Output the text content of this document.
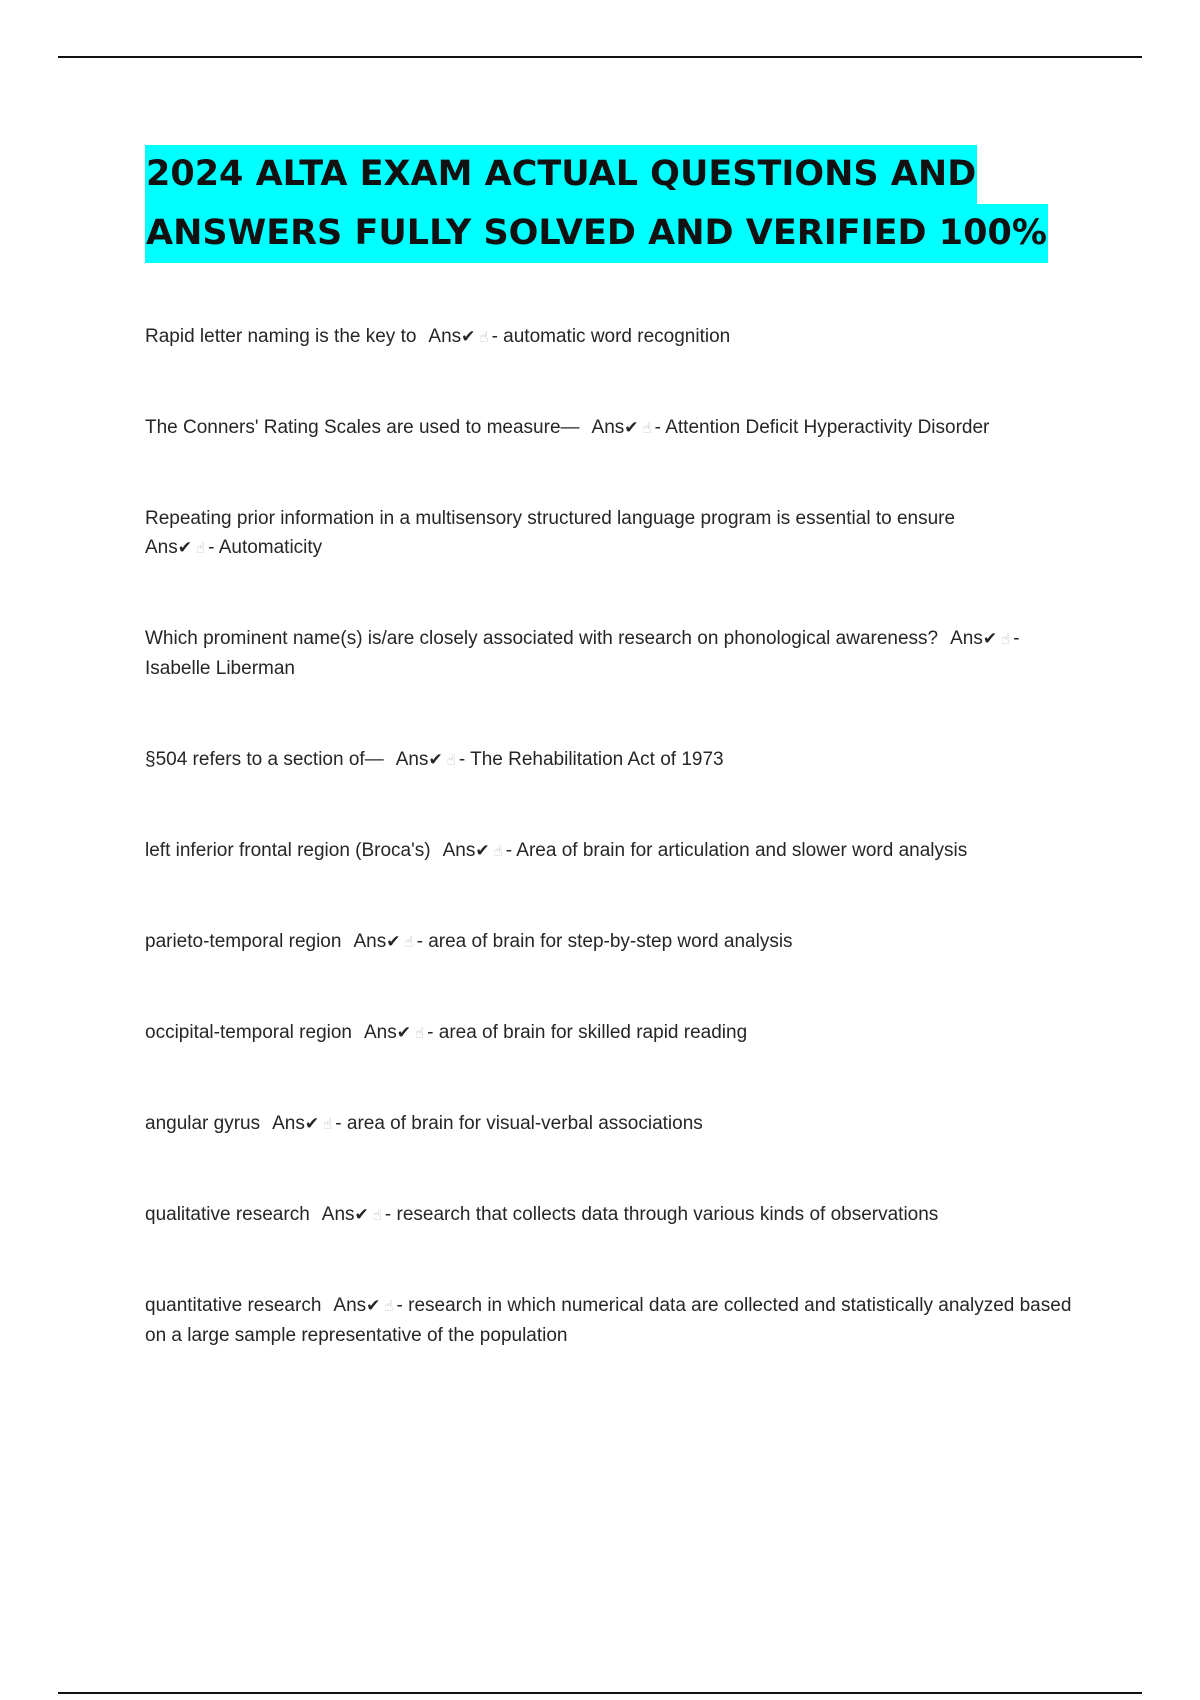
2024 ALTA EXAM ACTUAL QUESTIONS AND
ANSWERS FULLY SOLVED AND VERIFIED 100%

Rapid letter naming is the key to Ans✔ ☝ - automatic word recognition

The Conners' Rating Scales are used to measure— Ans✔ ☝ - Attention Deficit Hyperactivity Disorder

Repeating prior information in a multisensory structured language program is essential to ensure
Ans✔ ☝ - Automaticity

Which prominent name(s) is/are closely associated with research on phonological awareness? Ans✔ ☝ - Isabelle Liberman

§504 refers to a section of— Ans✔ ☝ - The Rehabilitation Act of 1973

left inferior frontal region (Broca's) Ans✔ ☝ - Area of brain for articulation and slower word analysis

parieto-temporal region Ans✔ ☝ - area of brain for step-by-step word analysis

occipital-temporal region Ans✔ ☝ - area of brain for skilled rapid reading

angular gyrus Ans✔ ☝ - area of brain for visual-verbal associations

qualitative research Ans✔ ☝ - research that collects data through various kinds of observations

quantitative research Ans✔ ☝ - research in which numerical data are collected and statistically analyzed based on a large sample representative of the population
